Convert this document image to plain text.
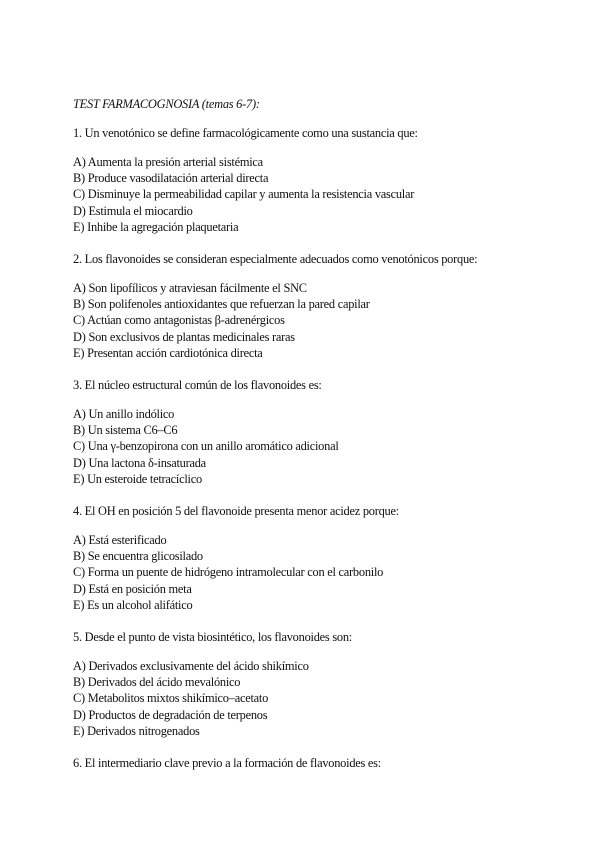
TEST FARMACOGNOSIA (temas 6-7):
1. Un venotónico se define farmacológicamente como una sustancia que:
A) Aumenta la presión arterial sistémica
B) Produce vasodilatación arterial directa
C) Disminuye la permeabilidad capilar y aumenta la resistencia vascular
D) Estimula el miocardio
E) Inhibe la agregación plaquetaria
2. Los flavonoides se consideran especialmente adecuados como venotónicos porque:
A) Son lipofílicos y atraviesan fácilmente el SNC
B) Son polifenoles antioxidantes que refuerzan la pared capilar
C) Actúan como antagonistas β-adrenérgicos
D) Son exclusivos de plantas medicinales raras
E) Presentan acción cardiotónica directa
3. El núcleo estructural común de los flavonoides es:
A) Un anillo indólico
B) Un sistema C6–C6
C) Una γ-benzopirona con un anillo aromático adicional
D) Una lactona δ-insaturada
E) Un esteroide tetracíclico
4. El OH en posición 5 del flavonoide presenta menor acidez porque:
A) Está esterificado
B) Se encuentra glicosilado
C) Forma un puente de hidrógeno intramolecular con el carbonilo
D) Está en posición meta
E) Es un alcohol alifático
5. Desde el punto de vista biosintético, los flavonoides son:
A) Derivados exclusivamente del ácido shikímico
B) Derivados del ácido mevalónico
C) Metabolitos mixtos shikímico–acetato
D) Productos de degradación de terpenos
E) Derivados nitrogenados
6. El intermediario clave previo a la formación de flavonoides es:
